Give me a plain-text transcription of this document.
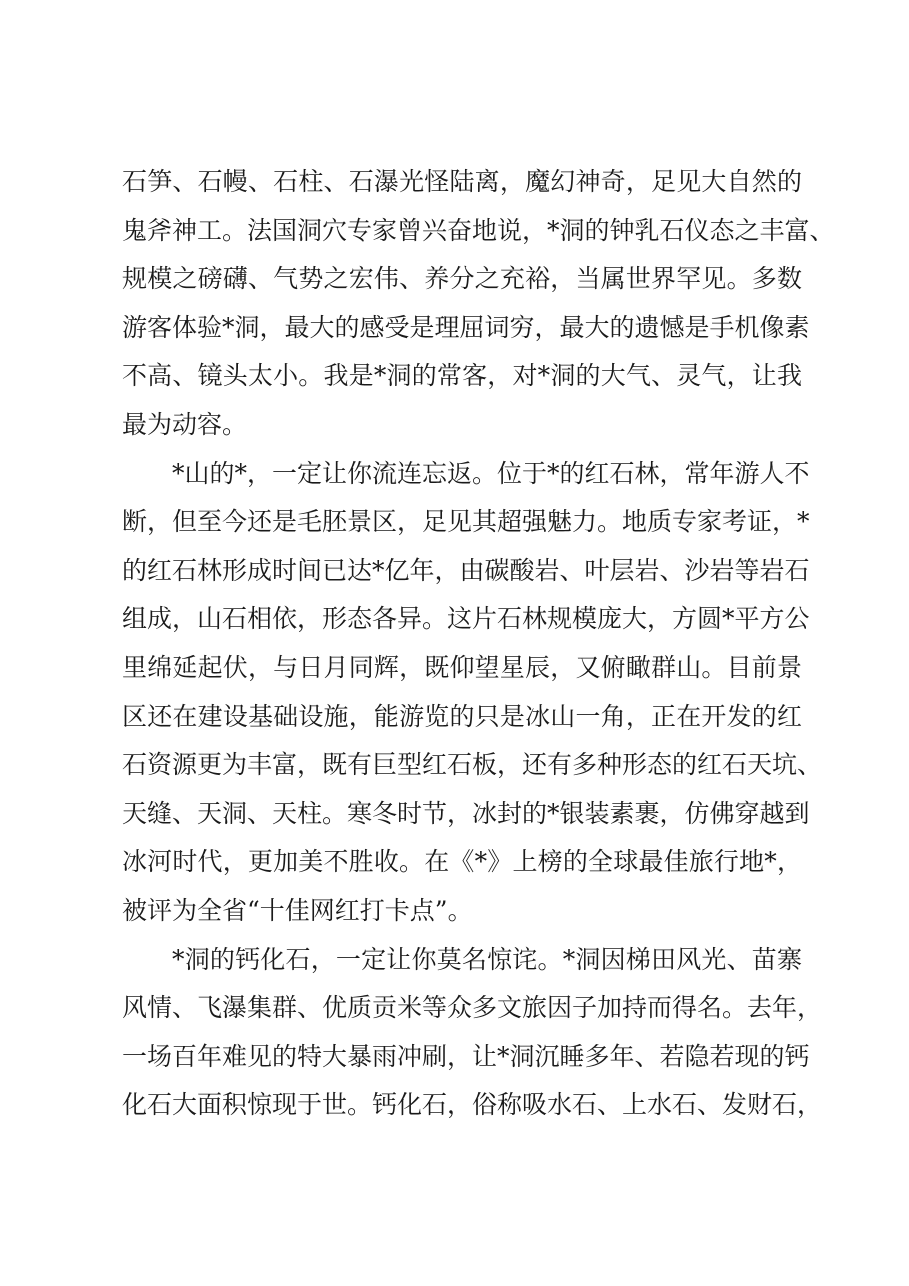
石笋、石幔、石柱、石瀑光怪陆离，魔幻神奇，足见大自然的
鬼斧神工。法国洞穴专家曾兴奋地说，*洞的钟乳石仪态之丰富、
规模之磅礴、气势之宏伟、养分之充裕，当属世界罕见。多数
游客体验*洞，最大的感受是理屈词穷，最大的遗憾是手机像素
不高、镜头太小。我是*洞的常客，对*洞的大气、灵气，让我
最为动容。
*山的*，一定让你流连忘返。位于*的红石林，常年游人不
断，但至今还是毛胚景区，足见其超强魅力。地质专家考证，*
的红石林形成时间已达*亿年，由碳酸岩、叶层岩、沙岩等岩石
组成，山石相依，形态各异。这片石林规模庞大，方圆*平方公
里绵延起伏，与日月同辉，既仰望星辰，又俯瞰群山。目前景
区还在建设基础设施，能游览的只是冰山一角，正在开发的红
石资源更为丰富，既有巨型红石板，还有多种形态的红石天坑、
天缝、天洞、天柱。寒冬时节，冰封的*银装素裹，仿佛穿越到
冰河时代，更加美不胜收。在《*》上榜的全球最佳旅行地*，
被评为全省“十佳网红打卡点”。
*洞的钙化石，一定让你莫名惊诧。*洞因梯田风光、苗寨
风情、飞瀑集群、优质贡米等众多文旅因子加持而得名。去年，
一场百年难见的特大暴雨冲刷，让*洞沉睡多年、若隐若现的钙
化石大面积惊现于世。钙化石，俗称吸水石、上水石、发财石，
